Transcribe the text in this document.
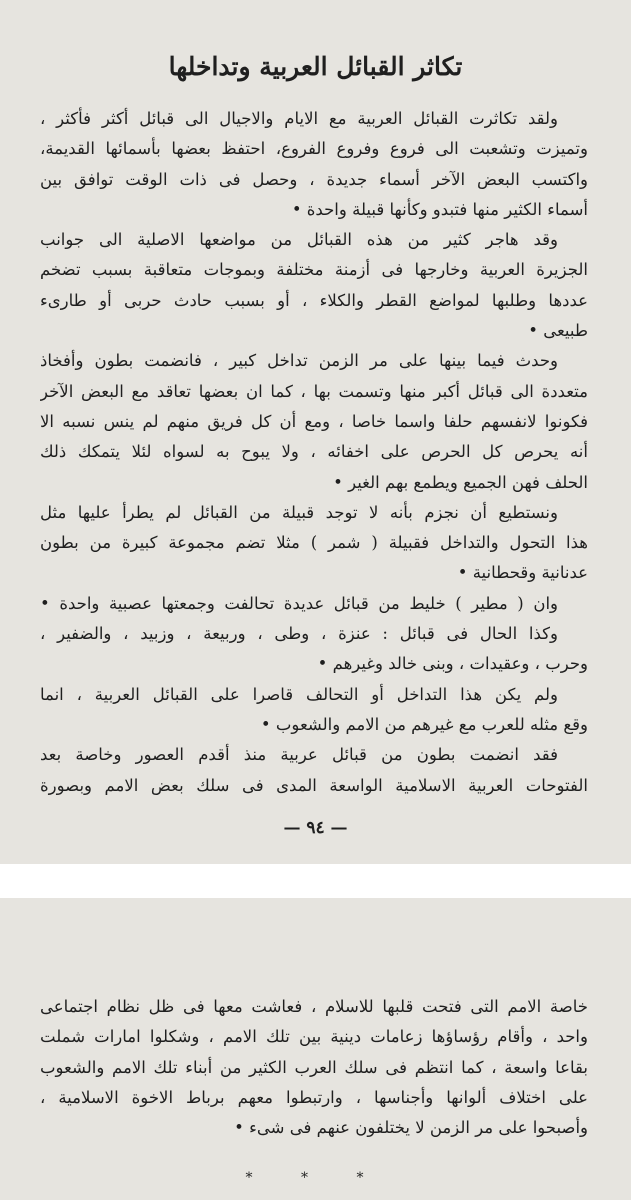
تكاثر القبائل العربية وتداخلها
ولقد تكاثرت القبائل العربية مع الايام والاجيال الى قبائل أكثر فأكثر ،
وتميزت وتشعبت الى فروع وفروع الفروع، احتفظ بعضها بأسمائها القديمة،
واكتسب البعض الآخر أسماء جديدة ، وحصل فى ذات الوقت توافق بين
أسماء الكثير منها فتبدو وكأنها قبيلة واحدة •
وقد هاجر كثير من هذه القبائل من مواضعها الاصلية الى جوانب
الجزيرة العربية وخارجها فى أزمنة مختلفة وبموجات متعاقبة بسبب تضخم
عددها وطلبها لمواضع القطر والكلاء ، أو بسبب حادث حربى أو طارىء
طبيعى •
وحدث فيما بينها على مر الزمن تداخل كبير ، فانضمت بطون وأفخاذ
متعددة الى قبائل أكبر منها وتسمت بها ، كما ان بعضها تعاقد مع البعض الآخر
فكونوا لانفسهم حلفا واسما خاصا ، ومع أن كل فريق منهم لم ينس نسبه الا
أنه يحرص كل الحرص على اخفائه ، ولا يبوح به لسواه لئلا يتمكك ذلك
الحلف فهن الجميع ويطمع بهم الغير •
ونستطيع أن نجزم بأنه لا توجد قبيلة من القبائل لم يطرأ عليها مثل
هذا التحول والتداخل فقبيلة ( شمر ) مثلا تضم مجموعة كبيرة من بطون
عدنانية وقحطانية •
وان ( مطير ) خليط من قبائل عديدة تحالفت وجمعتها عصبية واحدة •
وكذا الحال فى قبائل : عنزة ، وطى ، وربيعة ، وزبيد ، والضفير ،
وحرب ، وعقيدات ، وبنى خالد وغيرهم •
ولم يكن هذا التداخل أو التحالف قاصرا على القبائل العربية ، انما
وقع مثله للعرب مع غيرهم من الامم والشعوب •
فقد انضمت بطون من قبائل عربية منذ أقدم العصور وخاصة بعد
الفتوحات العربية الاسلامية الواسعة المدى فى سلك بعض الامم وبصورة
— ٩٤ —
خاصة الامم التى فتحت قلبها للاسلام ، فعاشت معها فى ظل نظام اجتماعى
واحد ، وأقام رؤساؤها زعامات دينية بين تلك الامم ، وشكلوا امارات شملت
بقاعا واسعة ، كما انتظم فى سلك العرب الكثير من أبناء تلك الامم والشعوب
على اختلاف ألوانها وأجناسها ، وارتبطوا معهم برباط الاخوة الاسلامية ،
وأصبحوا على مر الزمن لا يختلفون عنهم فى شىء •
* * *
